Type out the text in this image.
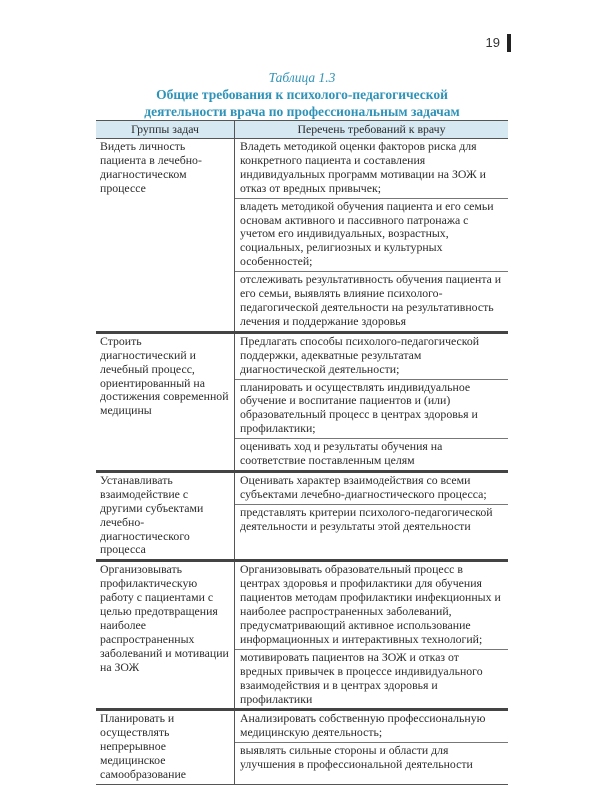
19
Таблица 1.3
Общие требования к психолого-педагогической
деятельности врача по профессиональным задачам
Группы задач	Перечень требований к врачу
Видеть личность пациента в лечебно-диагностическом процессе	Владеть методикой оценки факторов риска для конкретного пациента и составления индивидуальных программ мотивации на ЗОЖ и отказ от вредных привычек;
владеть методикой обучения пациента и его семьи основам активного и пассивного патронажа с учетом его индивидуальных, возрастных, социальных, религиозных и культурных особенностей;
отслеживать результативность обучения пациента и его семьи, выявлять влияние психолого-педагогической деятельности на результативность лечения и поддержание здоровья

Строить диагностический и лечебный процесс, ориентированный на достижения современной медицины	Предлагать способы психолого-педагогической поддержки, адекватные результатам диагностической деятельности;
планировать и осуществлять индивидуальное обучение и воспитание пациентов и (или) образовательный процесс в центрах здоровья и профилактики;
оценивать ход и результаты обучения на соответствие поставленным целям

Устанавливать взаимодействие с другими субъектами лечебно-диагностического процесса	Оценивать характер взаимодействия со всеми субъектами лечебно-диагностического процесса;
представлять критерии психолого-педагогической деятельности и результаты этой деятельности

Организовывать профилактическую работу с пациентами с целью предотвращения наиболее распространенных заболеваний и мотивации на ЗОЖ	Организовывать образовательный процесс в центрах здоровья и профилактики для обучения пациентов методам профилактики инфекционных и наиболее распространенных заболеваний, предусматривающий активное использование информационных и интерактивных технологий;
мотивировать пациентов на ЗОЖ и отказ от вредных привычек в процессе индивидуального взаимодействия и в центрах здоровья и профилактики

Планировать и осуществлять непрерывное медицинское самообразование	Анализировать собственную профессиональную медицинскую деятельность;
выявлять сильные стороны и области для улучшения в профессиональной деятельности
